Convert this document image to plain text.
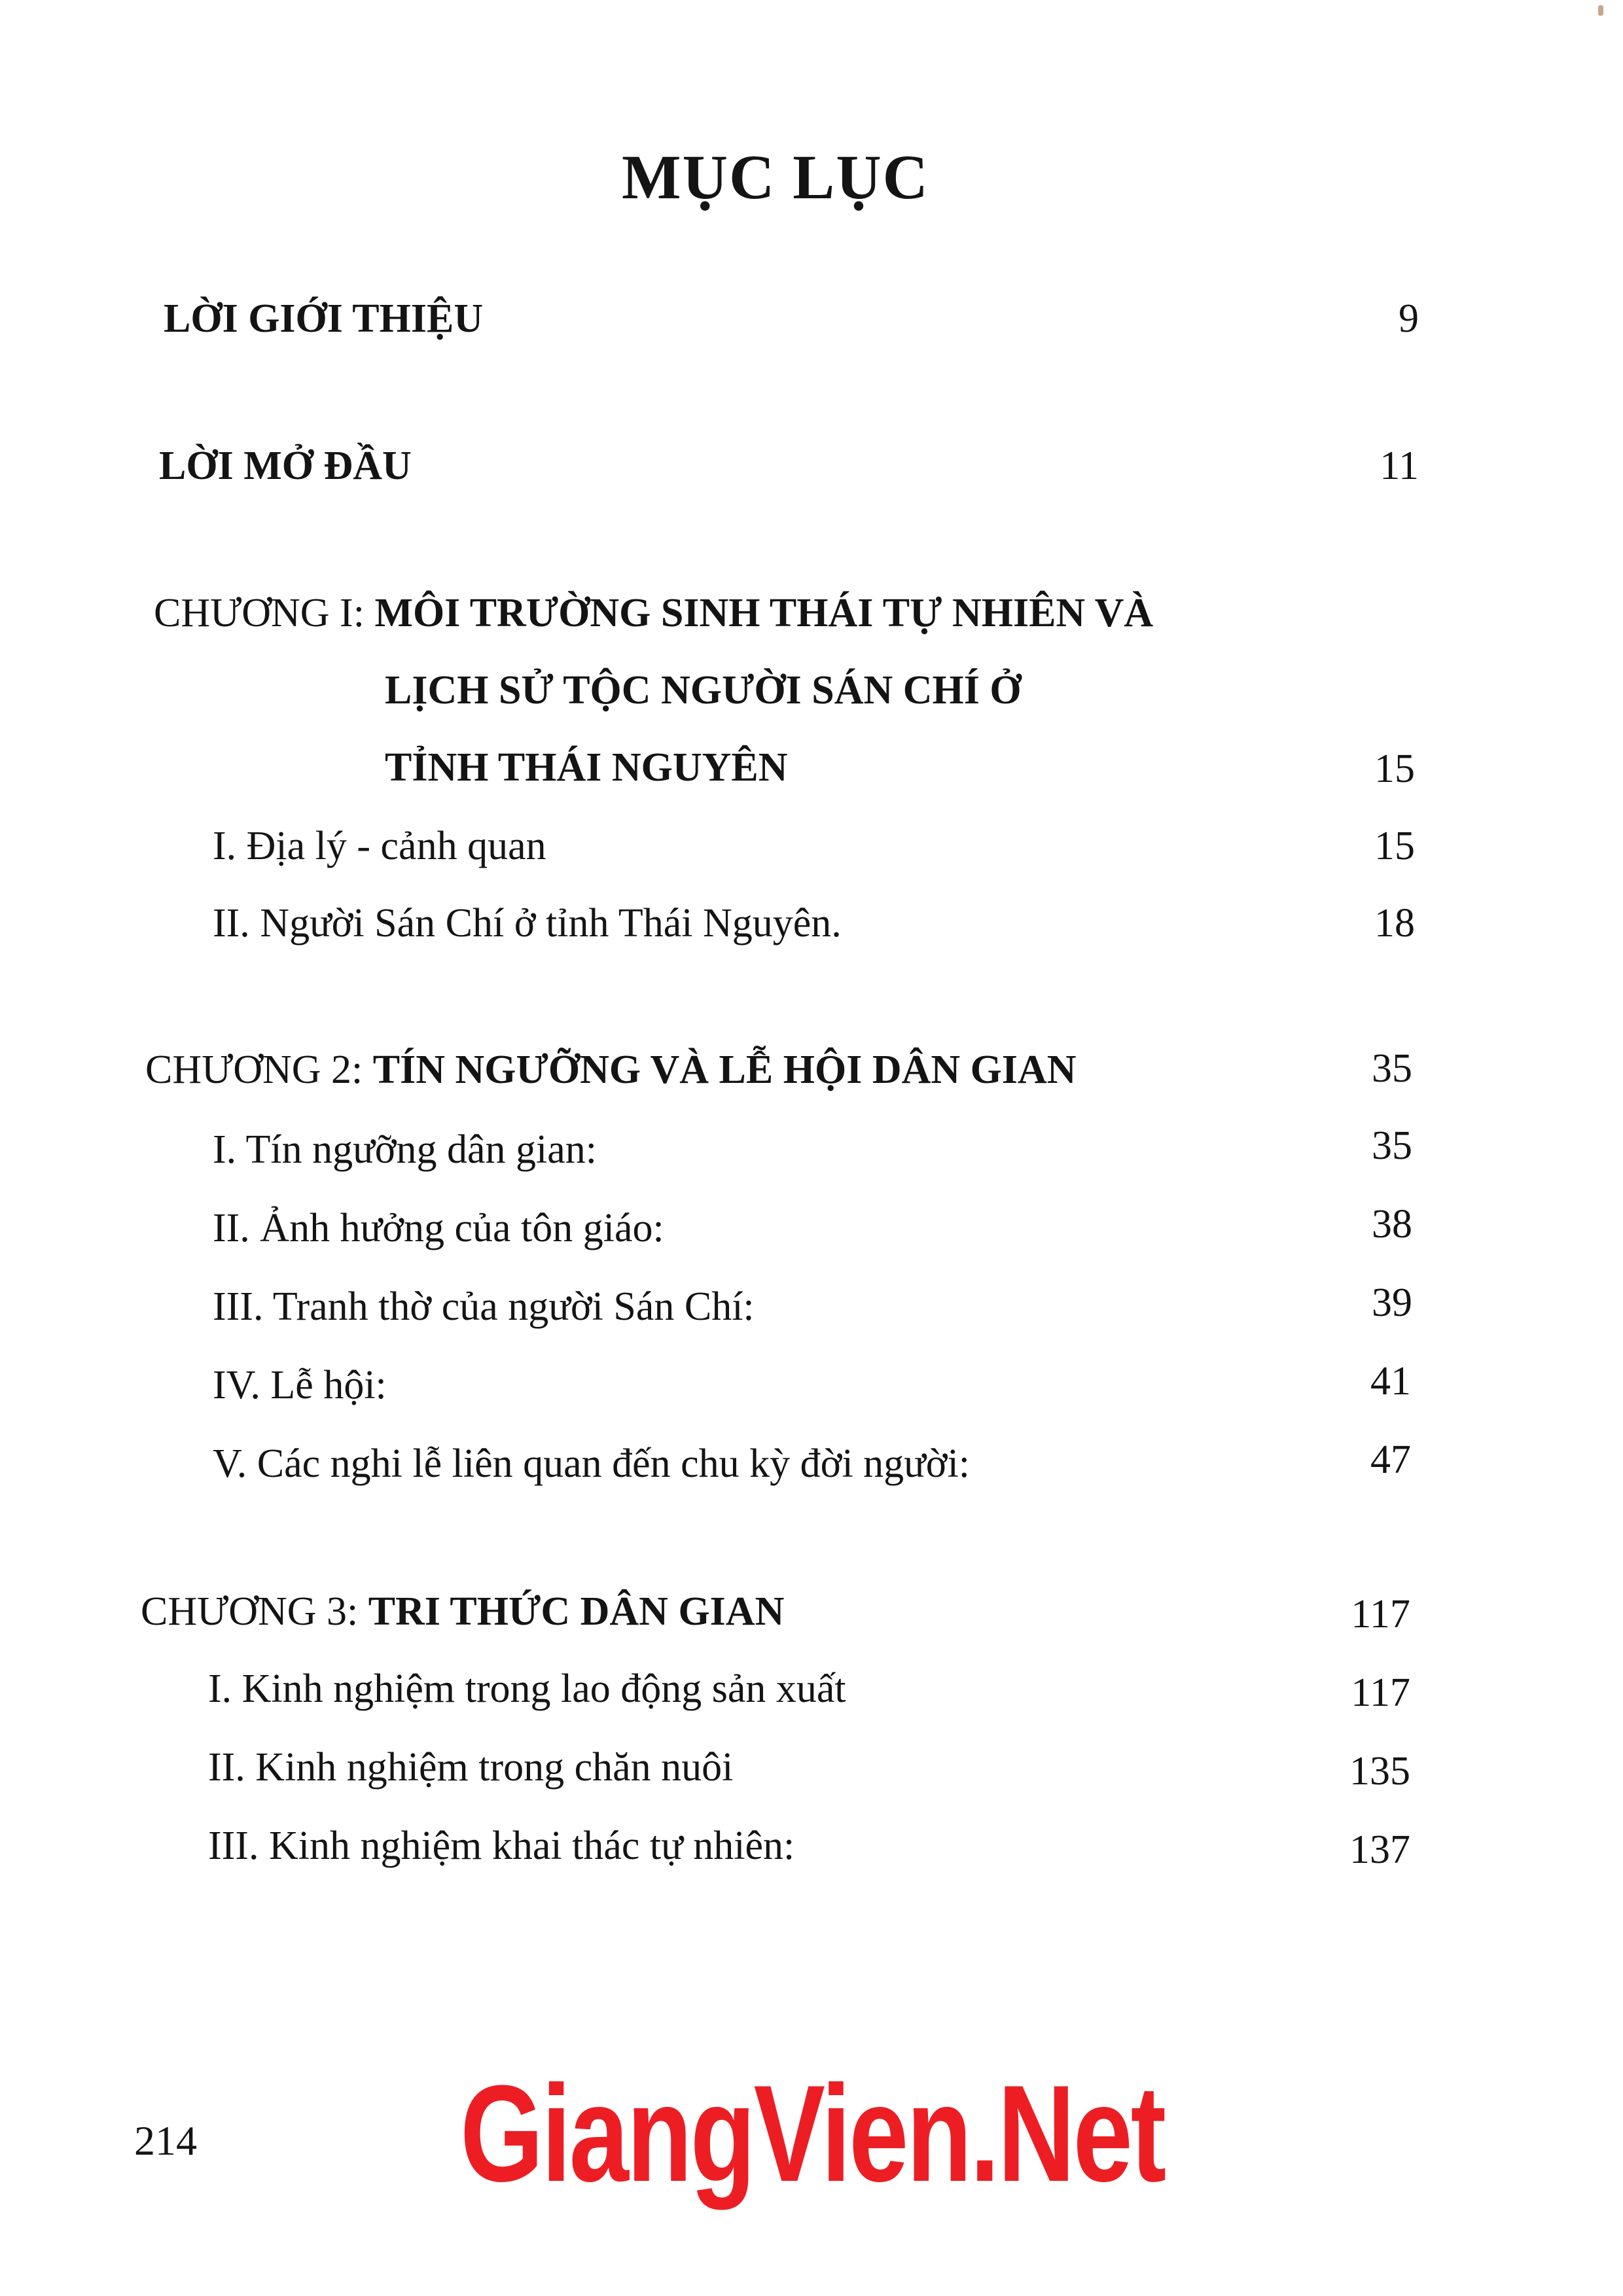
MỤC LỤC
LỜI GIỚI THIỆU	9
LỜI MỞ ĐẦU	11
CHƯƠNG I: MÔI TRƯỜNG SINH THÁI TỰ NHIÊN VÀ
LỊCH SỬ TỘC NGƯỜI SÁN CHÍ Ở
TỈNH THÁI NGUYÊN	15
I. Địa lý - cảnh quan	15
II. Người Sán Chí ở tỉnh Thái Nguyên.	18
CHƯƠNG 2: TÍN NGƯỠNG VÀ LỄ HỘI DÂN GIAN	35
I. Tín ngưỡng dân gian:	35
II. Ảnh hưởng của tôn giáo:	38
III. Tranh thờ của người Sán Chí:	39
IV. Lễ hội:	41
V. Các nghi lễ liên quan đến chu kỳ đời người:	47
CHƯƠNG 3: TRI THỨC DÂN GIAN	117
I. Kinh nghiệm trong lao động sản xuất	117
II. Kinh nghiệm trong chăn nuôi	135
III. Kinh nghiệm khai thác tự nhiên:	137
214	GiangVien.Net
